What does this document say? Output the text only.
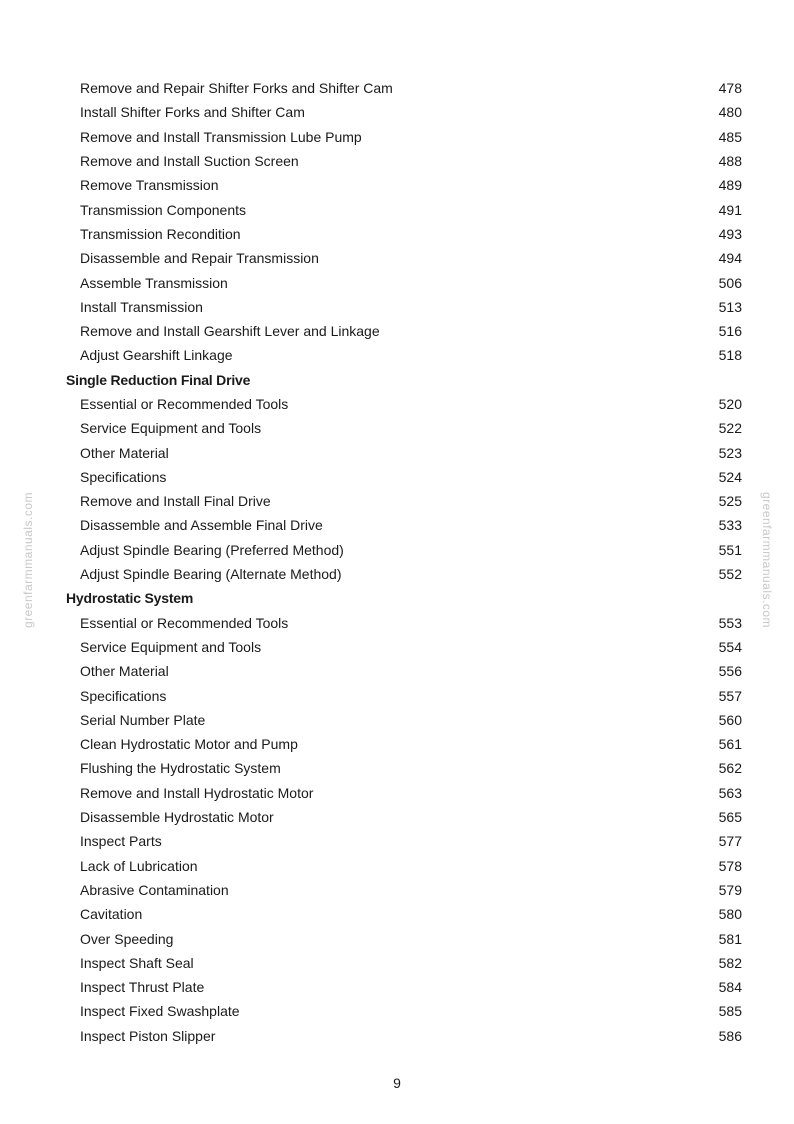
greenfarmmanuals.com	greenfarmmanuals.com
Remove and Repair Shifter Forks and Shifter Cam	478
Install Shifter Forks and Shifter Cam	480
Remove and Install Transmission Lube Pump	485
Remove and Install Suction Screen	488
Remove Transmission	489
Transmission Components	491
Transmission Recondition	493
Disassemble and Repair Transmission	494
Assemble Transmission	506
Install Transmission	513
Remove and Install Gearshift Lever and Linkage	516
Adjust Gearshift Linkage	518
Single Reduction Final Drive
Essential or Recommended Tools	520
Service Equipment and Tools	522
Other Material	523
Specifications	524
Remove and Install Final Drive	525
Disassemble and Assemble Final Drive	533
Adjust Spindle Bearing (Preferred Method)	551
Adjust Spindle Bearing (Alternate Method)	552
Hydrostatic System
Essential or Recommended Tools	553
Service Equipment and Tools	554
Other Material	556
Specifications	557
Serial Number Plate	560
Clean Hydrostatic Motor and Pump	561
Flushing the Hydrostatic System	562
Remove and Install Hydrostatic Motor	563
Disassemble Hydrostatic Motor	565
Inspect Parts	577
Lack of Lubrication	578
Abrasive Contamination	579
Cavitation	580
Over Speeding	581
Inspect Shaft Seal	582
Inspect Thrust Plate	584
Inspect Fixed Swashplate	585
Inspect Piston Slipper	586
9
